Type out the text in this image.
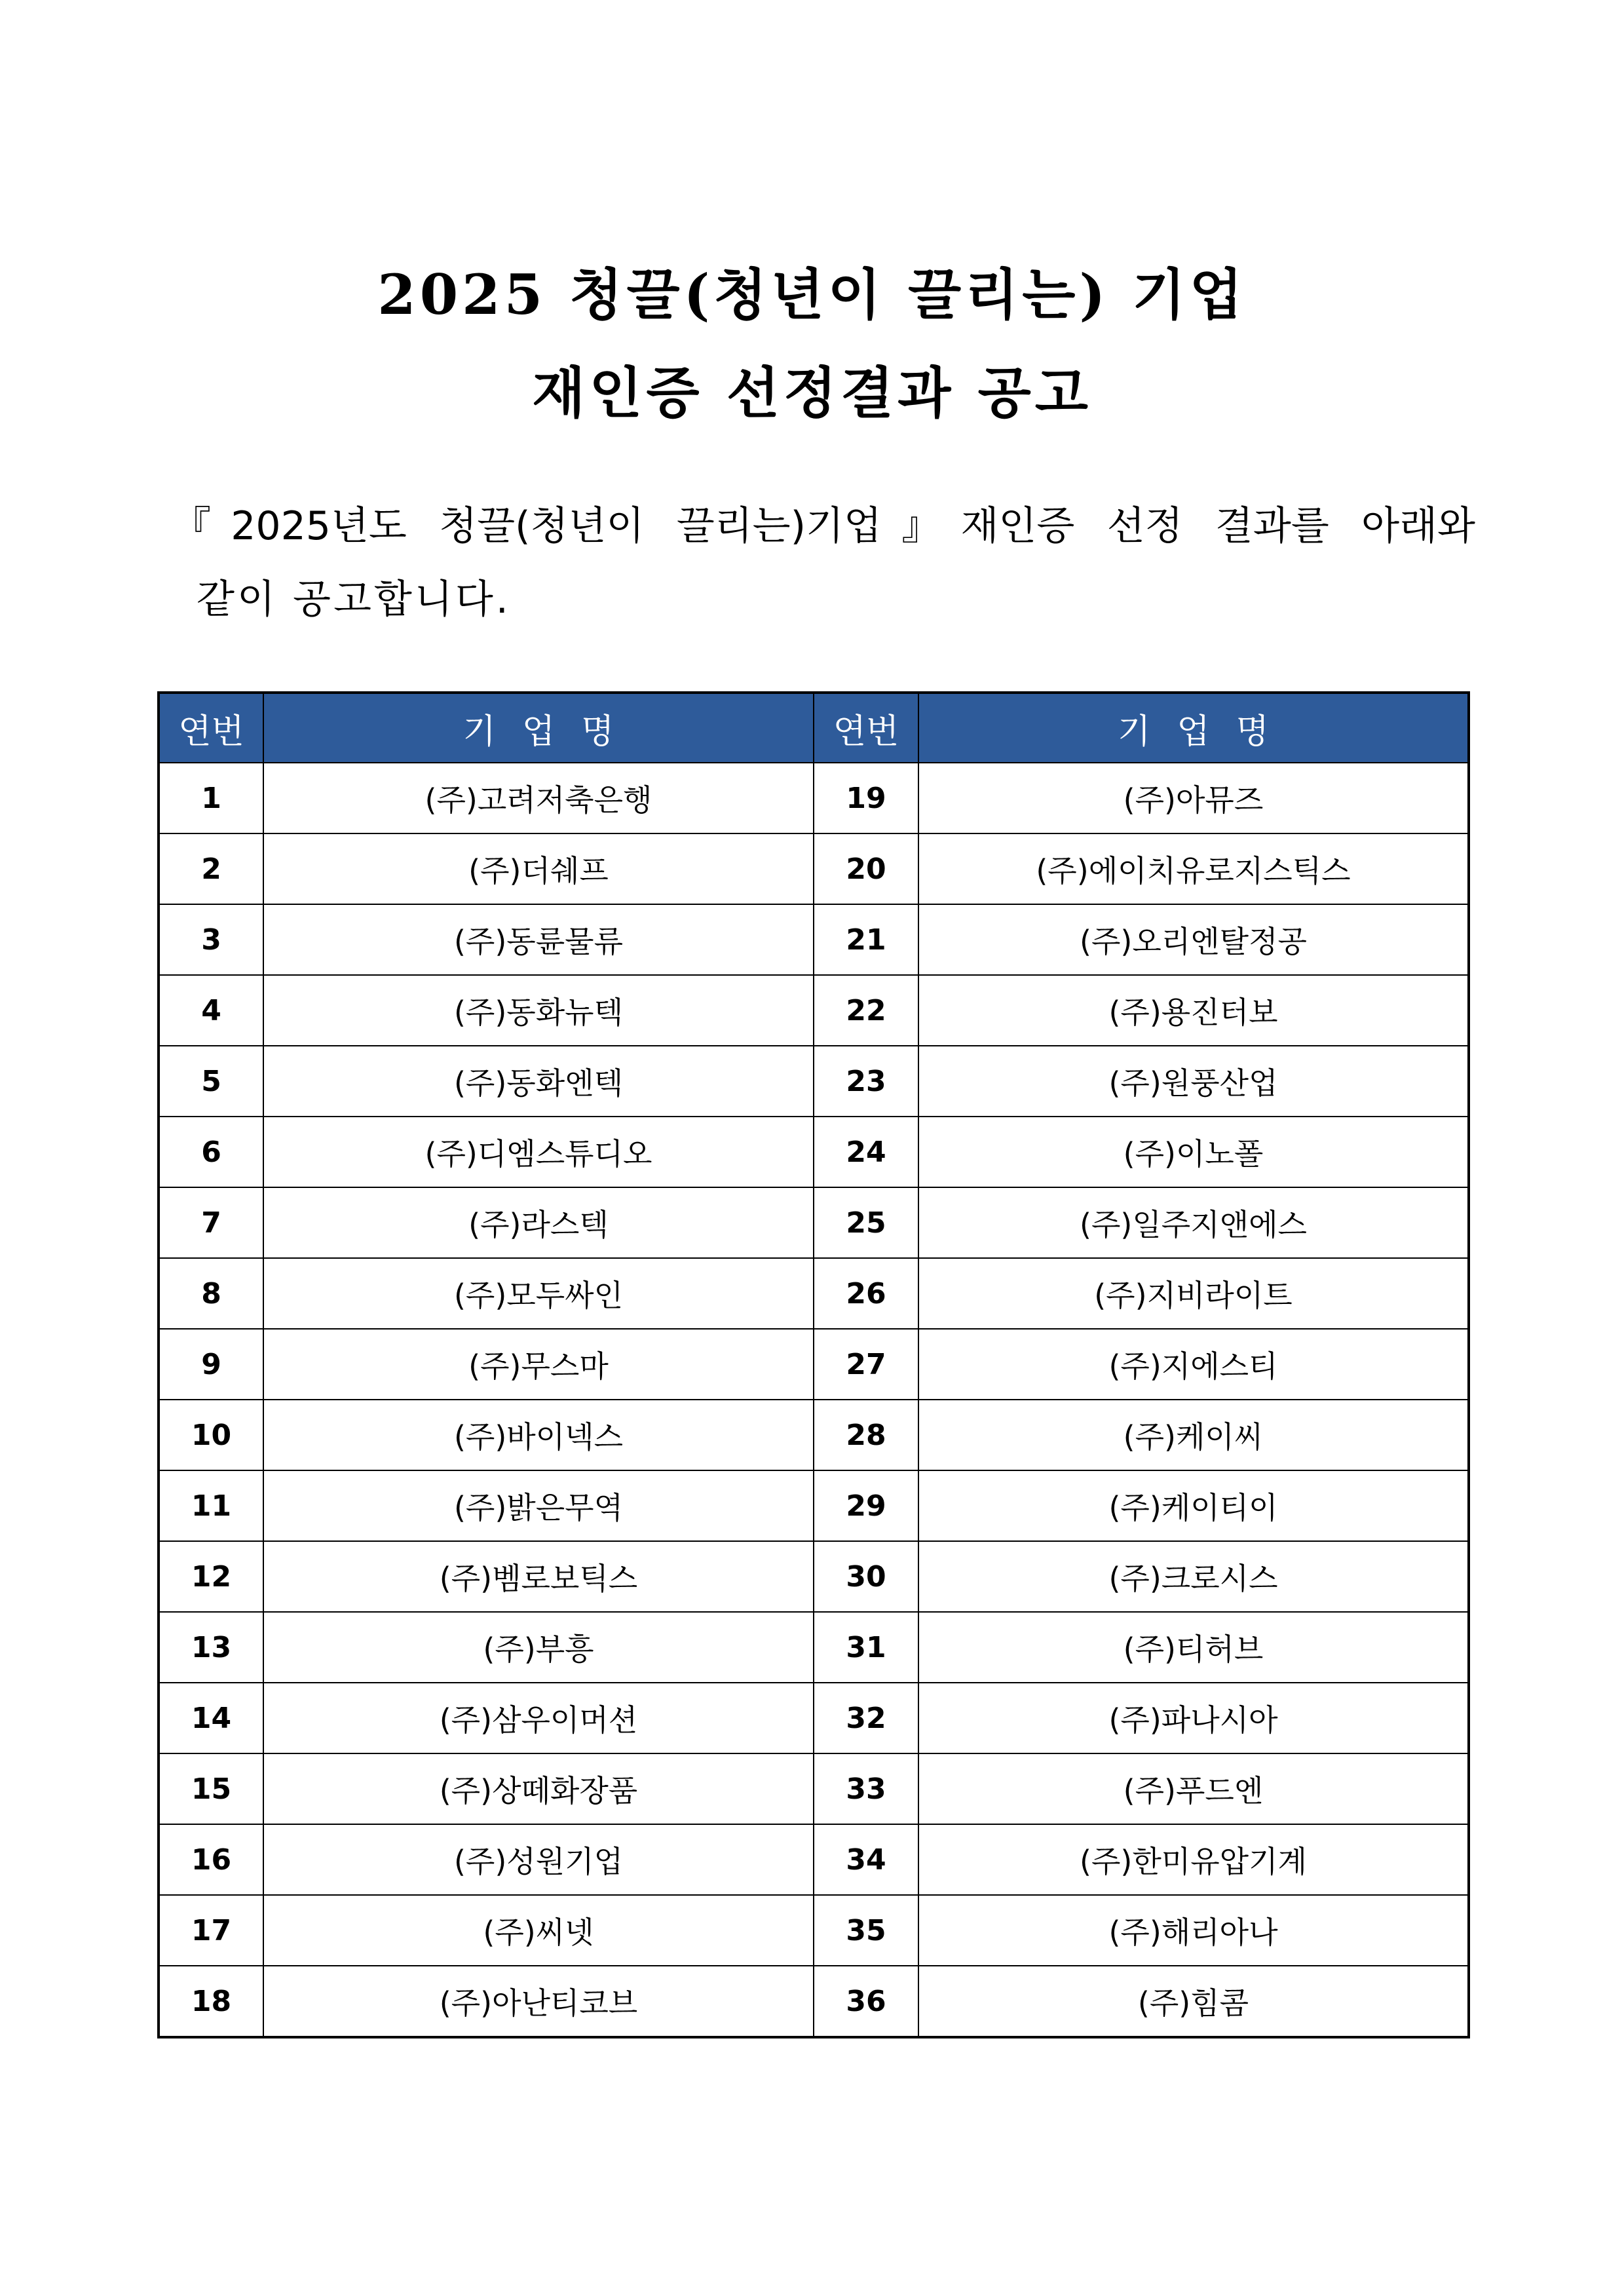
2025 청끌(청년이 끌리는) 기업
재인증 선정결과 공고

『2025년도 청끌(청년이 끌리는)기업』재인증 선정 결과를 아래와

같이 공고합니다.

연번	기업명	연번	기업명
1	(주)고려저축은행	19	(주)아뮤즈
2	(주)더쉐프	20	(주)에이치유로지스틱스
3	(주)동륜물류	21	(주)오리엔탈정공
4	(주)동화뉴텍	22	(주)용진터보
5	(주)동화엔텍	23	(주)원풍산업
6	(주)디엠스튜디오	24	(주)이노폴
7	(주)라스텍	25	(주)일주지앤에스
8	(주)모두싸인	26	(주)지비라이트
9	(주)무스마	27	(주)지에스티
10	(주)바이넥스	28	(주)케이씨
11	(주)밝은무역	29	(주)케이티이
12	(주)벰로보틱스	30	(주)크로시스
13	(주)부흥	31	(주)티허브
14	(주)삼우이머션	32	(주)파나시아
15	(주)상떼화장품	33	(주)푸드엔
16	(주)성원기업	34	(주)한미유압기계
17	(주)씨넷	35	(주)해리아나
18	(주)아난티코브	36	(주)힘콤
